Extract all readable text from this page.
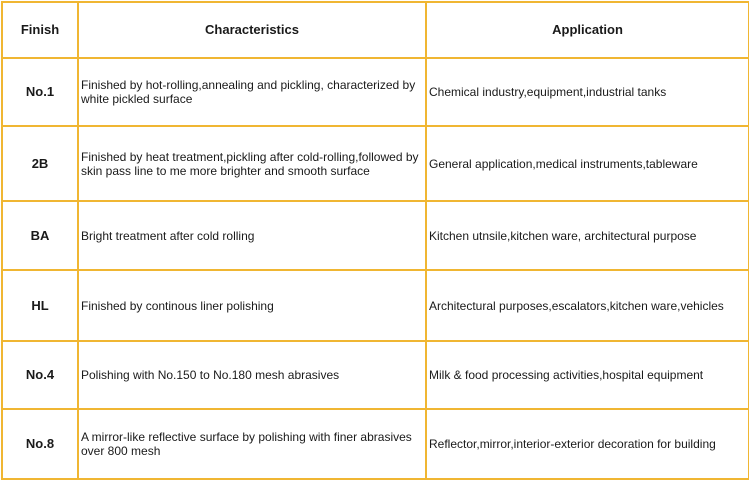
Finish	Characteristics	Application
No.1	Finished by hot-rolling,annealing and pickling, characterized by white pickled surface	Chemical industry,equipment,industrial tanks
2B	Finished by heat treatment,pickling after cold-rolling,followed by skin pass line to me more brighter and smooth surface	General application,medical instruments,tableware
BA	Bright treatment after cold rolling	Kitchen utnsile,kitchen ware, architectural purpose
HL	Finished by continous liner polishing	Architectural purposes,escalators,kitchen ware,vehicles
No.4	Polishing with No.150 to No.180 mesh abrasives	Milk & food processing activities,hospital equipment
No.8	A mirror-like reflective surface by polishing with finer abrasives over 800 mesh	Reflector,mirror,interior-exterior decoration for building
